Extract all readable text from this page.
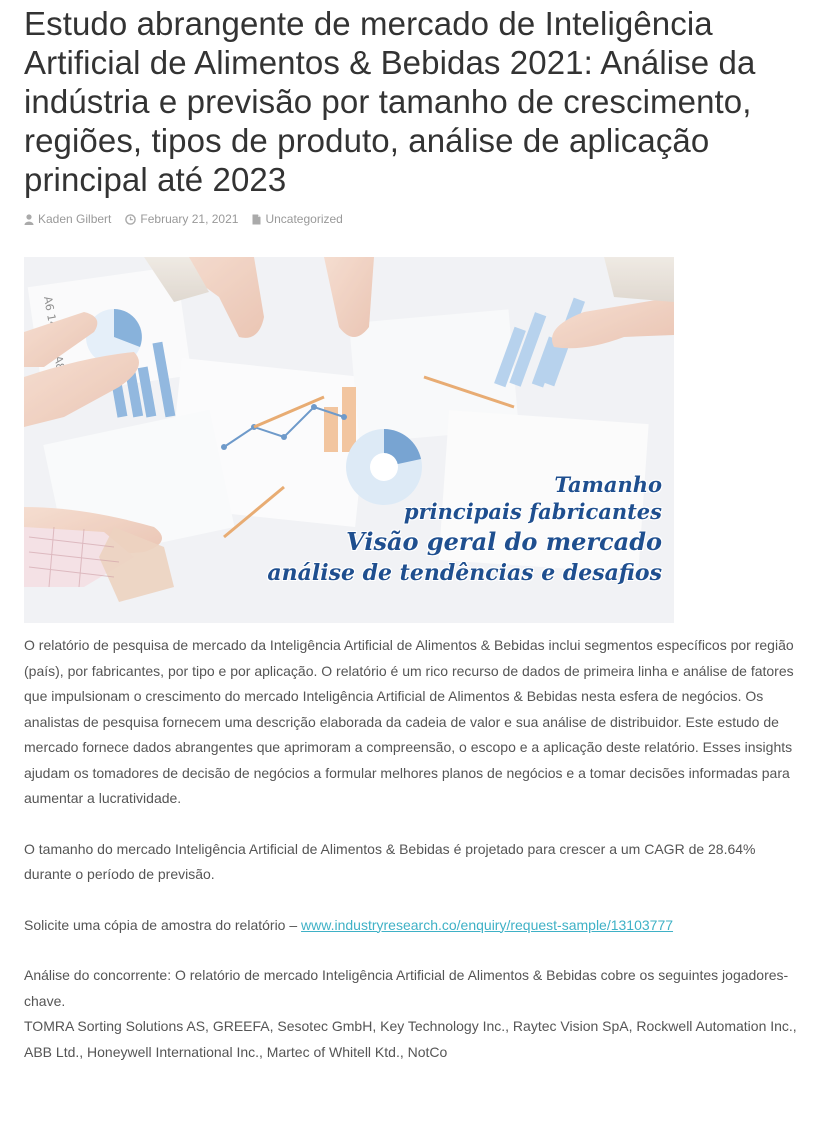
Estudo abrangente de mercado de Inteligência Artificial de Alimentos & Bebidas 2021: Análise da indústria e previsão por tamanho de crescimento, regiões, tipos de produto, análise de aplicação principal até 2023
Kaden Gilbert February 21, 2021 Uncategorized
Tamanho
principais fabricantes
Visão geral do mercado
análise de tendências e desafios

O relatório de pesquisa de mercado da Inteligência Artificial de Alimentos & Bebidas inclui segmentos específicos por região (país), por fabricantes, por tipo e por aplicação. O relatório é um rico recurso de dados de primeira linha e análise de fatores que impulsionam o crescimento do mercado Inteligência Artificial de Alimentos & Bebidas nesta esfera de negócios. Os analistas de pesquisa fornecem uma descrição elaborada da cadeia de valor e sua análise de distribuidor. Este estudo de mercado fornece dados abrangentes que aprimoram a compreensão, o escopo e a aplicação deste relatório. Esses insights ajudam os tomadores de decisão de negócios a formular melhores planos de negócios e a tomar decisões informadas para aumentar a lucratividade.

O tamanho do mercado Inteligência Artificial de Alimentos & Bebidas é projetado para crescer a um CAGR de 28.64% durante o período de previsão.

Solicite uma cópia de amostra do relatório – www.industryresearch.co/enquiry/request-sample/13103777

Análise do concorrente: O relatório de mercado Inteligência Artificial de Alimentos & Bebidas cobre os seguintes jogadores-chave.
TOMRA Sorting Solutions AS, GREEFA, Sesotec GmbH, Key Technology Inc., Raytec Vision SpA, Rockwell Automation Inc., ABB Ltd., Honeywell International Inc., Martec of Whitell Ktd., NotCo
